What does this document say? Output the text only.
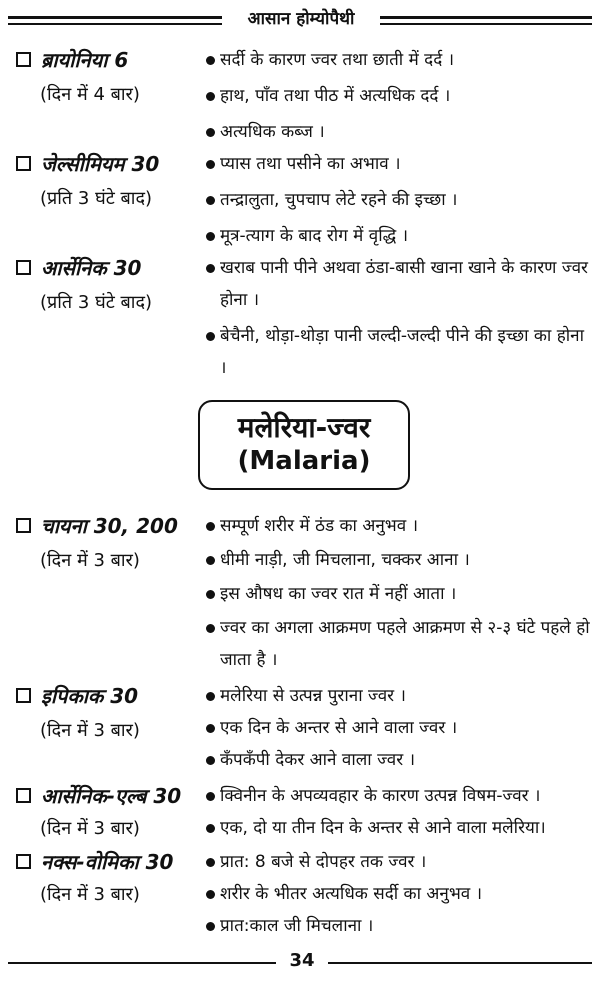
आसान होम्योपैथी
ब्रायोनिया 6
(दिन में 4 बार)
सर्दी के कारण ज्वर तथा छाती में दर्द ।
हाथ, पाँव तथा पीठ में अत्यधिक दर्द ।
अत्यधिक कब्ज ।
जेल्सीमियम 30
(प्रति 3 घंटे बाद)
प्यास तथा पसीने का अभाव ।
तन्द्रालुता, चुपचाप लेटे रहने की इच्छा ।
मूत्र-त्याग के बाद रोग में वृद्धि ।
आर्सेनिक 30
(प्रति 3 घंटे बाद)
खराब पानी पीने अथवा ठंडा-बासी खाना खाने के कारण ज्वर होना ।
बेचैनी, थोड़ा-थोड़ा पानी जल्दी-जल्दी पीने की इच्छा का होना ।
मलेरिया-ज्वर
(Malaria)
चायना 30, 200
(दिन में 3 बार)
सम्पूर्ण शरीर में ठंड का अनुभव ।
धीमी नाड़ी, जी मिचलाना, चक्कर आना ।
इस औषध का ज्वर रात में नहीं आता ।
ज्वर का अगला आक्रमण पहले आक्रमण से २-३ घंटे पहले हो जाता है ।
इपिकाक 30
(दिन में 3 बार)
मलेरिया से उत्पन्न पुराना ज्वर ।
एक दिन के अन्तर से आने वाला ज्वर ।
कँपकँपी देकर आने वाला ज्वर ।
आर्सेनिक-एल्ब 30
(दिन में 3 बार)
क्विनीन के अपव्यवहार के कारण उत्पन्न विषम-ज्वर ।
एक, दो या तीन दिन के अन्तर से आने वाला मलेरिया।
नक्स-वोमिका 30
(दिन में 3 बार)
प्रात: 8 बजे से दोपहर तक ज्वर ।
शरीर के भीतर अत्यधिक सर्दी का अनुभव ।
प्रात:काल जी मिचलाना ।
34
